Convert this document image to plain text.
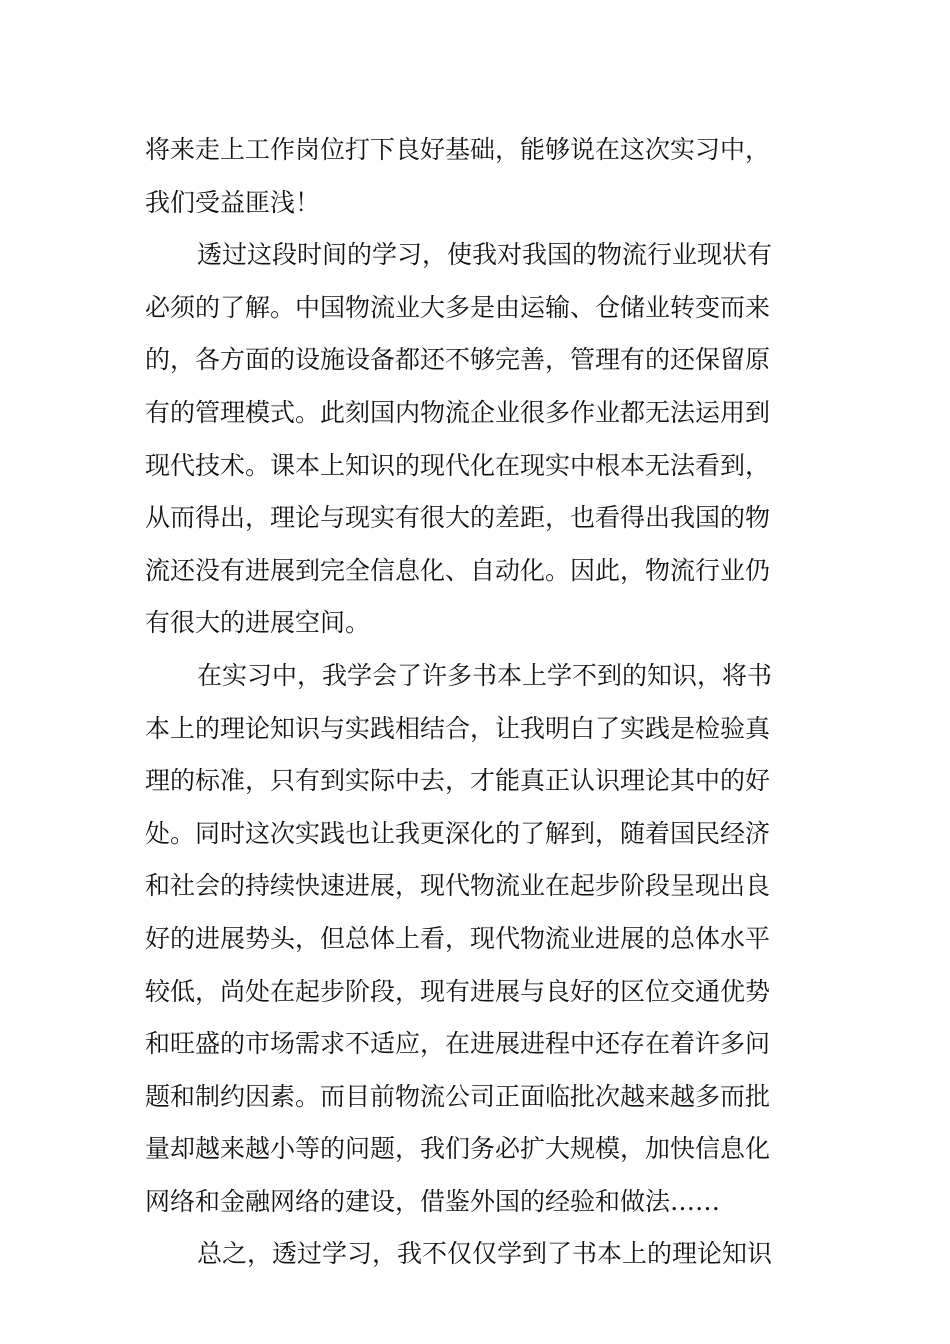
将来走上工作岗位打下良好基础，能够说在这次实习中，
我们受益匪浅！
透过这段时间的学习，使我对我国的物流行业现状有
必须的了解。中国物流业大多是由运输、仓储业转变而来
的，各方面的设施设备都还不够完善，管理有的还保留原
有的管理模式。此刻国内物流企业很多作业都无法运用到
现代技术。课本上知识的现代化在现实中根本无法看到，
从而得出，理论与现实有很大的差距，也看得出我国的物
流还没有进展到完全信息化、自动化。因此，物流行业仍
有很大的进展空间。
在实习中，我学会了许多书本上学不到的知识，将书
本上的理论知识与实践相结合，让我明白了实践是检验真
理的标准，只有到实际中去，才能真正认识理论其中的好
处。同时这次实践也让我更深化的了解到，随着国民经济
和社会的持续快速进展，现代物流业在起步阶段呈现出良
好的进展势头，但总体上看，现代物流业进展的总体水平
较低，尚处在起步阶段，现有进展与良好的区位交通优势
和旺盛的市场需求不适应，在进展进程中还存在着许多问
题和制约因素。而目前物流公司正面临批次越来越多而批
量却越来越小等的问题，我们务必扩大规模，加快信息化
网络和金融网络的建设，借鉴外国的经验和做法……
总之，透过学习，我不仅仅学到了书本上的理论知识
